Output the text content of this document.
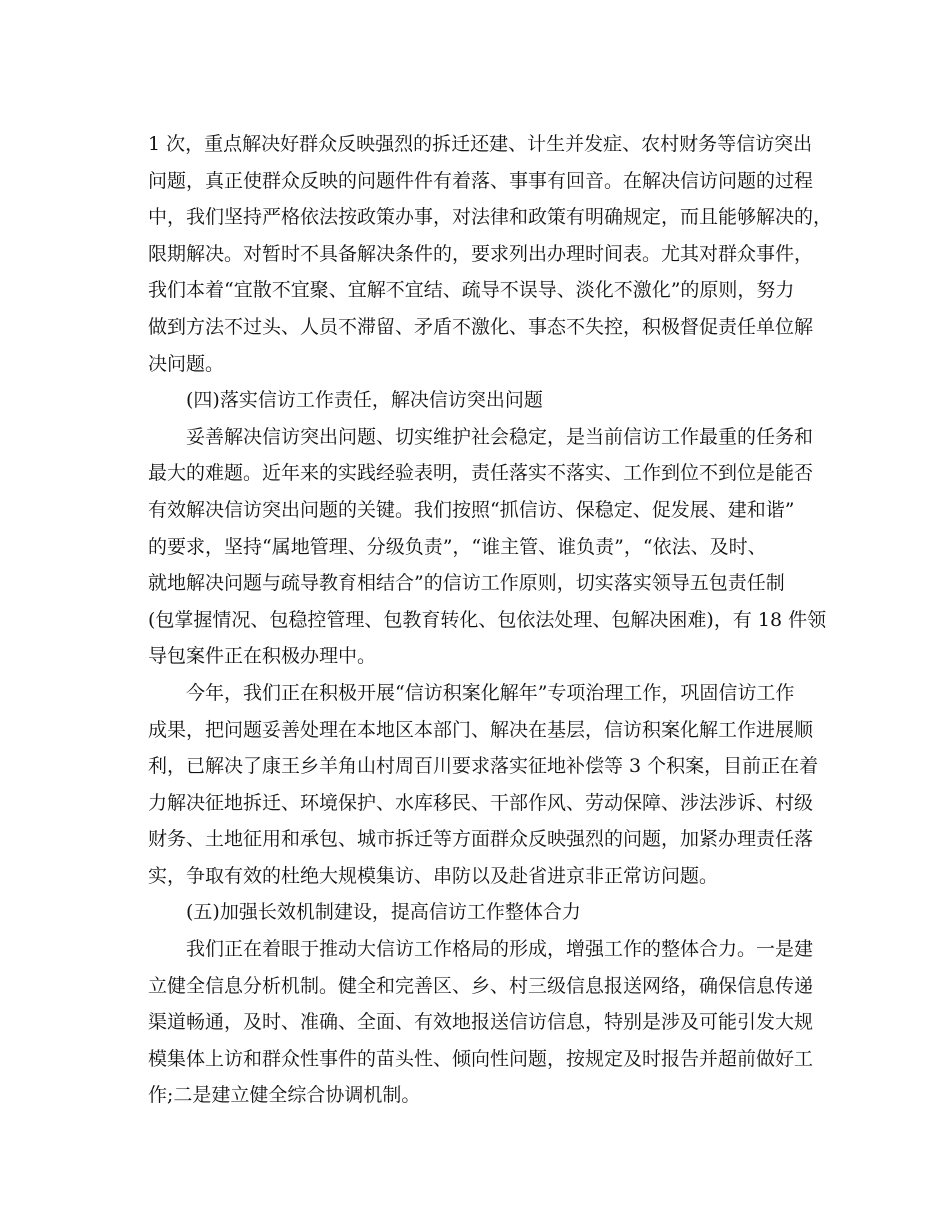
1 次，重点解决好群众反映强烈的拆迁还建、计生并发症、农村财务等信访突出
问题，真正使群众反映的问题件件有着落、事事有回音。在解决信访问题的过程
中，我们坚持严格依法按政策办事，对法律和政策有明确规定，而且能够解决的，
限期解决。对暂时不具备解决条件的，要求列出办理时间表。尤其对群众事件，
我们本着“宜散不宜聚、宜解不宜结、疏导不误导、淡化不激化”的原则，努力
做到方法不过头、人员不滞留、矛盾不激化、事态不失控，积极督促责任单位解
决问题。
(四)落实信访工作责任，解决信访突出问题
妥善解决信访突出问题、切实维护社会稳定，是当前信访工作最重的任务和
最大的难题。近年来的实践经验表明，责任落实不落实、工作到位不到位是能否
有效解决信访突出问题的关键。我们按照“抓信访、保稳定、促发展、建和谐”
的要求，坚持“属地管理、分级负责”，“谁主管、谁负责”，“依法、及时、
就地解决问题与疏导教育相结合”的信访工作原则，切实落实领导五包责任制
(包掌握情况、包稳控管理、包教育转化、包依法处理、包解决困难)，有 18 件领
导包案件正在积极办理中。
今年，我们正在积极开展“信访积案化解年”专项治理工作，巩固信访工作
成果，把问题妥善处理在本地区本部门、解决在基层，信访积案化解工作进展顺
利，已解决了康王乡羊角山村周百川要求落实征地补偿等 3 个积案，目前正在着
力解决征地拆迁、环境保护、水库移民、干部作风、劳动保障、涉法涉诉、村级
财务、土地征用和承包、城市拆迁等方面群众反映强烈的问题，加紧办理责任落
实，争取有效的杜绝大规模集访、串防以及赴省进京非正常访问题。
(五)加强长效机制建设，提高信访工作整体合力
我们正在着眼于推动大信访工作格局的形成，增强工作的整体合力。一是建
立健全信息分析机制。健全和完善区、乡、村三级信息报送网络，确保信息传递
渠道畅通，及时、准确、全面、有效地报送信访信息，特别是涉及可能引发大规
模集体上访和群众性事件的苗头性、倾向性问题，按规定及时报告并超前做好工
作;二是建立健全综合协调机制。
